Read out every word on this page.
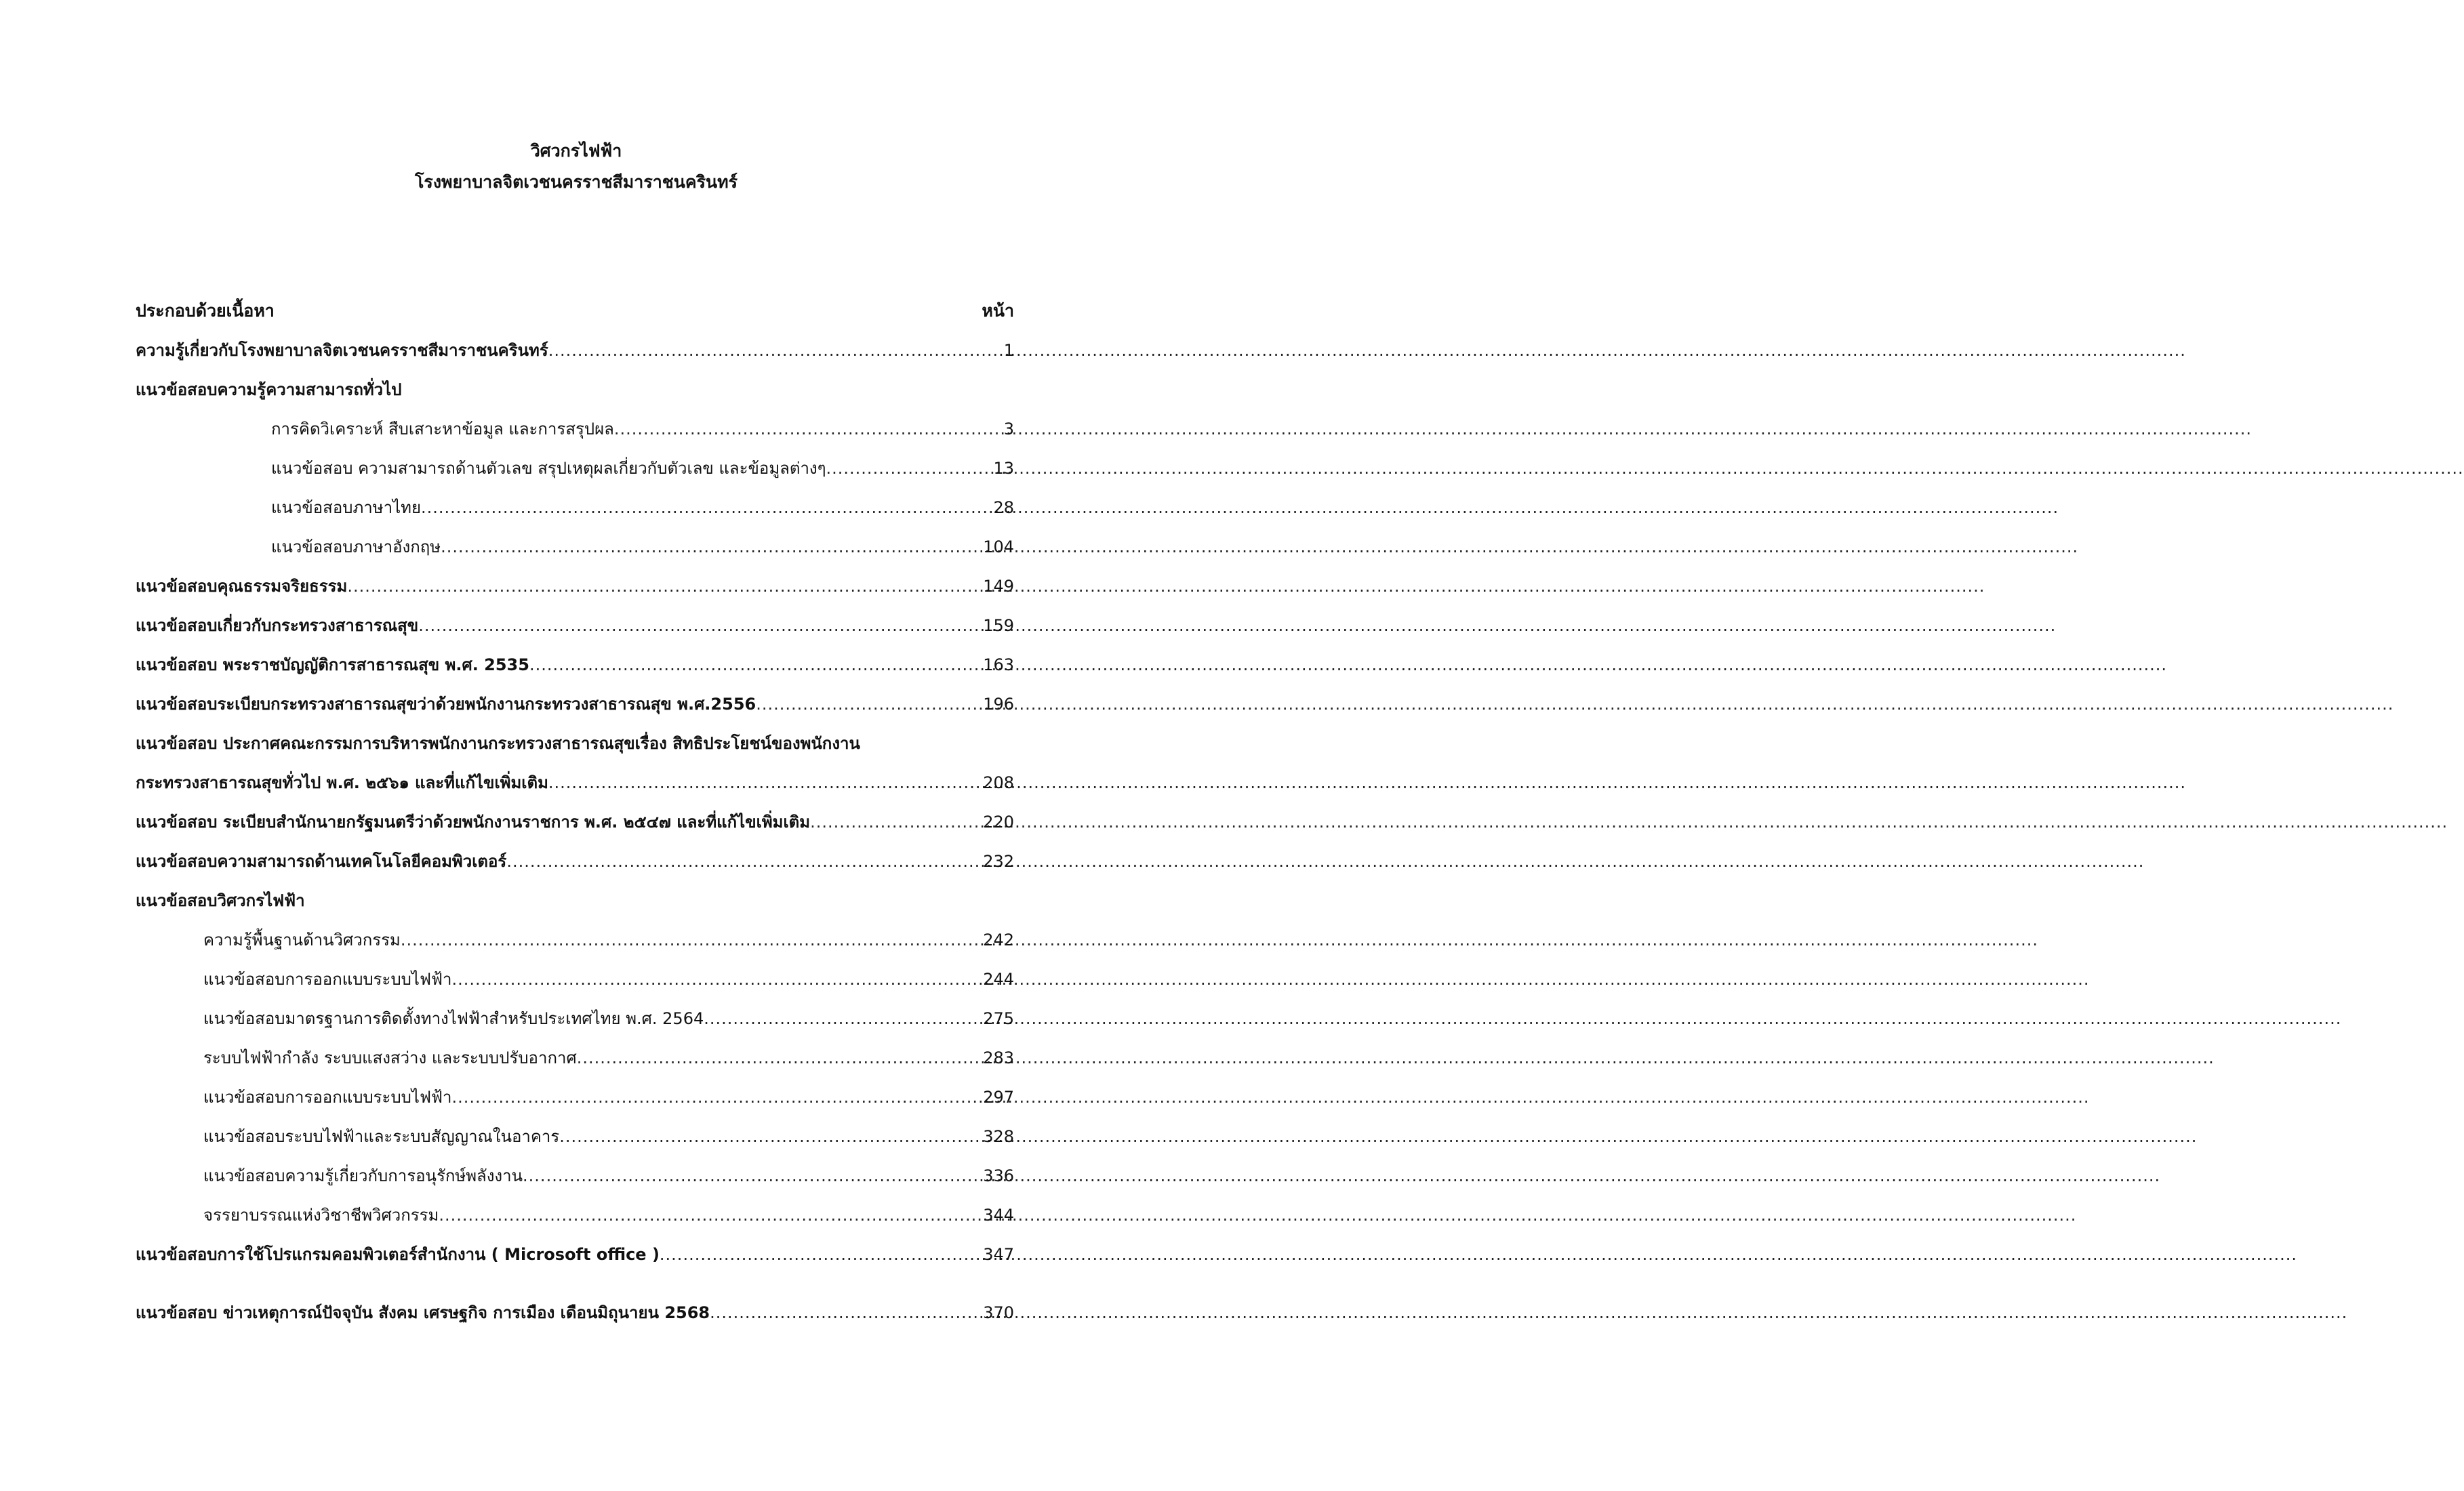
วิศวกรไฟฟ้า
โรงพยาบาลจิตเวชนครราชสีมาราชนครินทร์
ประกอบด้วยเนื้อหา	หน้า
ความรู้เกี่ยวกับโรงพยาบาลจิตเวชนครราชสีมาราชนครินทร์ .....	1
แนวข้อสอบความรู้ความสามารถทั่วไป
การคิดวิเคราะห์ สืบเสาะหาข้อมูล และการสรุปผล .....	3
แนวข้อสอบ ความสามารถด้านตัวเลข สรุปเหตุผลเกี่ยวกับตัวเลข และข้อมูลต่างๆ .....	13
แนวข้อสอบภาษาไทย .....	28
แนวข้อสอบภาษาอังกฤษ .....	104
แนวข้อสอบคุณธรรมจริยธรรม .....	149
แนวข้อสอบเกี่ยวกับกระทรวงสาธารณสุข .....	159
แนวข้อสอบ พระราชบัญญัติการสาธารณสุข พ.ศ. 2535 .....	163
แนวข้อสอบระเบียบกระทรวงสาธารณสุขว่าด้วยพนักงานกระทรวงสาธารณสุข พ.ศ.2556 .....	196
แนวข้อสอบ ประกาศคณะกรรมการบริหารพนักงานกระทรวงสาธารณสุขเรื่อง สิทธิประโยชน์ของพนักงาน
กระทรวงสาธารณสุขทั่วไป พ.ศ. ๒๕๖๑ และที่แก้ไขเพิ่มเติม .....	208
แนวข้อสอบ ระเบียบสำนักนายกรัฐมนตรีว่าด้วยพนักงานราชการ พ.ศ. ๒๕๔๗ และที่แก้ไขเพิ่มเติม .....	220
แนวข้อสอบความสามารถด้านเทคโนโลยีคอมพิวเตอร์ .....	232
แนวข้อสอบวิศวกรไฟฟ้า
ความรู้พื้นฐานด้านวิศวกรรม .....	242
แนวข้อสอบการออกแบบระบบไฟฟ้า .....	244
แนวข้อสอบมาตรฐานการติดตั้งทางไฟฟ้าสำหรับประเทศไทย พ.ศ. 2564 .....	275
ระบบไฟฟ้ากำลัง ระบบแสงสว่าง และระบบปรับอากาศ .....	283
แนวข้อสอบการออกแบบระบบไฟฟ้า .....	297
แนวข้อสอบระบบไฟฟ้าและระบบสัญญาณในอาคาร .....	328
แนวข้อสอบความรู้เกี่ยวกับการอนุรักษ์พลังงาน .....	336
จรรยาบรรณแห่งวิชาชีพวิศวกรรม .....	344
แนวข้อสอบการใช้โปรแกรมคอมพิวเตอร์สำนักงาน ( Microsoft office ) .....	347
แนวข้อสอบ ข่าวเหตุการณ์ปัจจุบัน สังคม เศรษฐกิจ การเมือง เดือนมิถุนายน 2568 .....	370
